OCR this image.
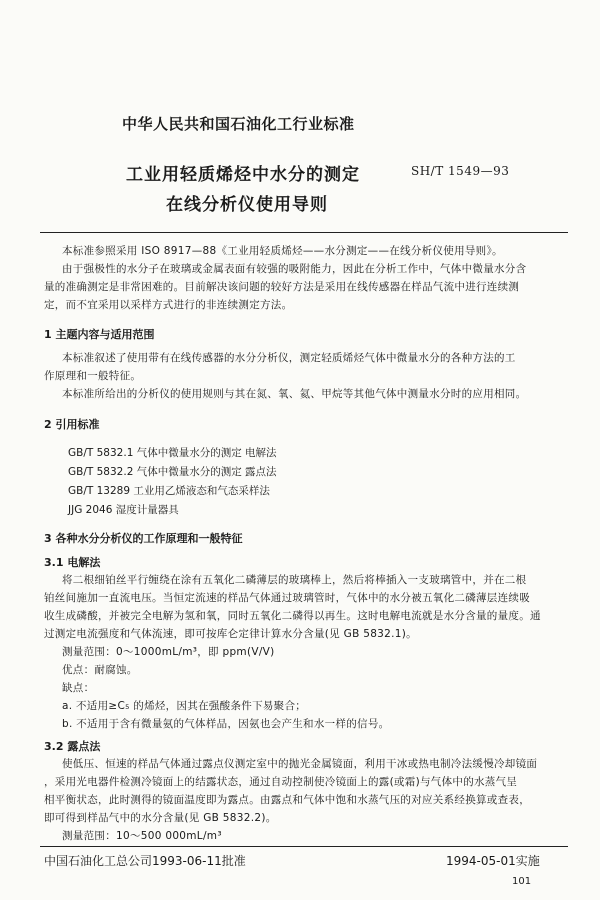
中华人民共和国石油化工行业标准
工业用轻质烯烃中水分的测定
在线分析仪使用导则
SH/T 1549—93
本标准参照采用 ISO 8917—88《工业用轻质烯烃——水分测定——在线分析仪使用导则》。
由于强极性的水分子在玻璃或金属表面有较强的吸附能力，因此在分析工作中，气体中微量水分含
量的准确测定是非常困难的。目前解决该问题的较好方法是采用在线传感器在样品气流中进行连续测
定，而不宜采用以采样方式进行的非连续测定方法。
1 主题内容与适用范围
本标准叙述了使用带有在线传感器的水分分析仪，测定轻质烯烃气体中微量水分的各种方法的工
作原理和一般特征。
本标准所给出的分析仪的使用规则与其在氮、氧、氦、甲烷等其他气体中测量水分时的应用相同。
2 引用标准
GB/T 5832.1 气体中微量水分的测定 电解法
GB/T 5832.2 气体中微量水分的测定 露点法
GB/T 13289 工业用乙烯液态和气态采样法
JJG 2046 湿度计量器具
3 各种水分分析仪的工作原理和一般特征
3.1 电解法
将二根细铂丝平行缠绕在涂有五氧化二磷薄层的玻璃棒上，然后将棒插入一支玻璃管中，并在二根
铂丝间施加一直流电压。当恒定流速的样品气体通过玻璃管时，气体中的水分被五氧化二磷薄层连续吸
收生成磷酸，并被完全电解为氢和氧，同时五氧化二磷得以再生。这时电解电流就是水分含量的量度。通
过测定电流强度和气体流速，即可按库仑定律计算水分含量(见 GB 5832.1)。
测量范围：0～1000mL/m³，即 ppm(V/V)
优点：耐腐蚀。
缺点：
a. 不适用≥C₅ 的烯烃，因其在强酸条件下易聚合；
b. 不适用于含有微量氨的气体样品，因氨也会产生和水一样的信号。
3.2 露点法
使低压、恒速的样品气体通过露点仪测定室中的抛光金属镜面，利用干冰或热电制冷法缓慢冷却镜面
，采用光电器件检测冷镜面上的结露状态，通过自动控制使冷镜面上的露(或霜)与气体中的水蒸气呈
相平衡状态，此时测得的镜面温度即为露点。由露点和气体中饱和水蒸气压的对应关系经换算或查表，
即可得到样品气中的水分含量(见 GB 5832.2)。
测量范围：10～500 000mL/m³
中国石油化工总公司1993-06-11批准	1994-05-01实施
101
